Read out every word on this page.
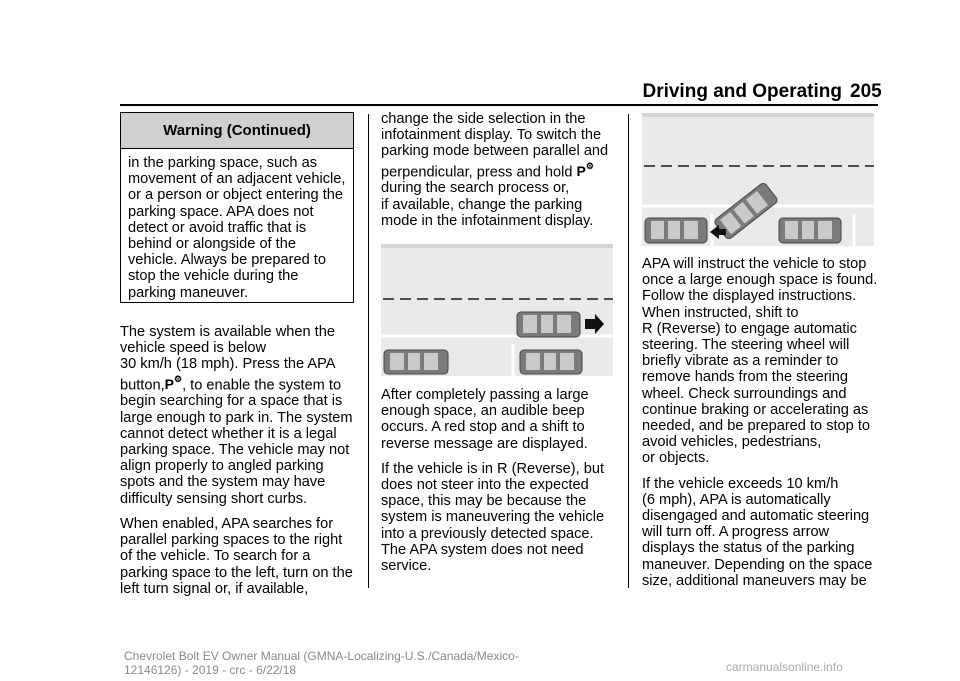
Driving and Operating 205
Warning (Continued)
in the parking space, such as
movement of an adjacent vehicle,
or a person or object entering the
parking space. APA does not
detect or avoid traffic that is
behind or alongside of the
vehicle. Always be prepared to
stop the vehicle during the
parking maneuver.

The system is available when the
vehicle speed is below
30 km/h (18 mph). Press the APA
button,P⚙, to enable the system to
begin searching for a space that is
large enough to park in. The system
cannot detect whether it is a legal
parking space. The vehicle may not
align properly to angled parking
spots and the system may have
difficulty sensing short curbs.

When enabled, APA searches for
parallel parking spaces to the right
of the vehicle. To search for a
parking space to the left, turn on the
left turn signal or, if available,

change the side selection in the
infotainment display. To switch the
parking mode between parallel and
perpendicular, press and hold P⚙
during the search process or,
if available, change the parking
mode in the infotainment display.

After completely passing a large
enough space, an audible beep
occurs. A red stop and a shift to
reverse message are displayed.

If the vehicle is in R (Reverse), but
does not steer into the expected
space, this may be because the
system is maneuvering the vehicle
into a previously detected space.
The APA system does not need
service.

APA will instruct the vehicle to stop
once a large enough space is found.
Follow the displayed instructions.
When instructed, shift to
R (Reverse) to engage automatic
steering. The steering wheel will
briefly vibrate as a reminder to
remove hands from the steering
wheel. Check surroundings and
continue braking or accelerating as
needed, and be prepared to stop to
avoid vehicles, pedestrians,
or objects.

If the vehicle exceeds 10 km/h
(6 mph), APA is automatically
disengaged and automatic steering
will turn off. A progress arrow
displays the status of the parking
maneuver. Depending on the space
size, additional maneuvers may be

Chevrolet Bolt EV Owner Manual (GMNA-Localizing-U.S./Canada/Mexico-
12146126) - 2019 - crc - 6/22/18	carmanualsonline.info
